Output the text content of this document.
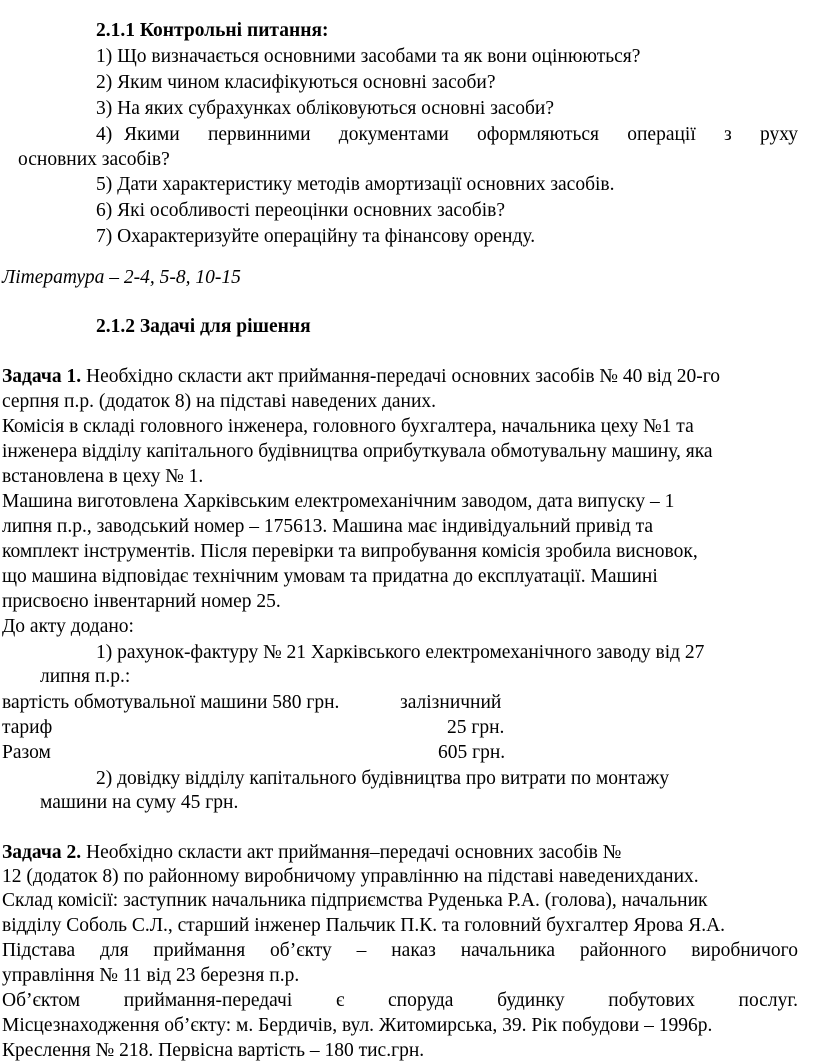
2.1.1 Контрольні питання:
1) Що визначається основними засобами та як вони оцінюються?
2) Яким чином класифікуються основні засоби?
3) На яких субрахунках обліковуються основні засоби?
4) Якими первинними документами оформляються операції з руху
основних засобів?
5) Дати характеристику методів амортизації основних засобів.
6) Які особливості переоцінки основних засобів?
7) Охарактеризуйте операційну та фінансову оренду.
Література – 2-4, 5-8, 10-15
2.1.2 Задачі для рішення
Задача 1. Необхідно скласти акт приймання-передачі основних засобів № 40 від 20-го
серпня п.р. (додаток 8) на підставі наведених даних.
Комісія в складі головного інженера, головного бухгалтера, начальника цеху №1 та
інженера відділу капітального будівництва оприбуткувала обмотувальну машину, яка
встановлена в цеху № 1.
Машина виготовлена Харківським електромеханічним заводом, дата випуску – 1
липня п.р., заводський номер – 175613. Машина має індивідуальний привід та
комплект інструментів. Після перевірки та випробування комісія зробила висновок,
що машина відповідає технічним умовам та придатна до експлуатації. Машині
присвоєно інвентарний номер 25.
До акту додано:
1) рахунок-фактуру № 21 Харківського електромеханічного заводу від 27
липня п.р.:
вартість обмотувальної машини 580 грн.	залізничний
тариф	25 грн.
Разом	605 грн.
2) довідку відділу капітального будівництва про витрати по монтажу
машини на суму 45 грн.
Задача 2. Необхідно скласти акт приймання–передачі основних засобів №
12 (додаток 8) по районному виробничому управлінню на підставі наведенихданих.
Склад комісії: заступник начальника підприємства Руденька Р.А. (голова), начальник
відділу Соболь С.Л., старший інженер Пальчик П.К. та головний бухгалтер Ярова Я.А.
Підстава для приймання об’єкту – наказ начальника районного виробничого
управління № 11 від 23 березня п.р.
Об’єктом приймання-передачі є спорудa будинку побутових послуг.
Місцезнаходження об’єкту: м. Бердичів, вул. Житомирська, 39. Рік побудови – 1996р.
Креслення № 218. Первісна вартість – 180 тис.грн.
